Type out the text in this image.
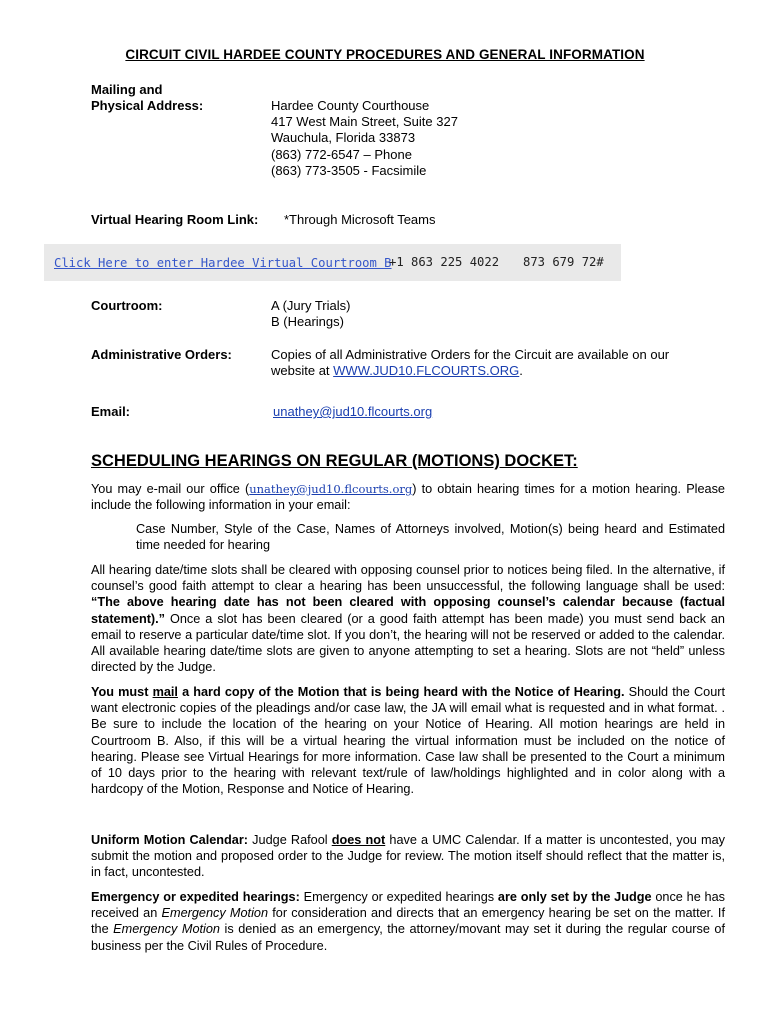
CIRCUIT CIVIL HARDEE COUNTY PROCEDURES AND GENERAL INFORMATION
Mailing and
Physical Address:	Hardee County Courthouse
417 West Main Street, Suite 327
Wauchula, Florida 33873
(863) 772-6547 – Phone
(863) 773-3505 - Facsimile
Virtual Hearing Room Link: *Through Microsoft Teams
Click Here to enter Hardee Virtual Courtroom B
+1 863 225 4022 873 679 72#
Courtroom:	A (Jury Trials)
B (Hearings)
Administrative Orders:	Copies of all Administrative Orders for the Circuit are available on our
website at WWW.JUD10.FLCOURTS.ORG.
Email:	unathey@jud10.flcourts.org
SCHEDULING HEARINGS ON REGULAR (MOTIONS) DOCKET:
You may e-mail our office (unathey@jud10.flcourts.org) to obtain hearing times for a motion hearing. Please include the following information in your email:
Case Number, Style of the Case, Names of Attorneys involved, Motion(s) being heard and Estimated time needed for hearing
All hearing date/time slots shall be cleared with opposing counsel prior to notices being filed. In the alternative, if counsel’s good faith attempt to clear a hearing has been unsuccessful, the following language shall be used: “The above hearing date has not been cleared with opposing counsel’s calendar because (factual statement).” Once a slot has been cleared (or a good faith attempt has been made) you must send back an email to reserve a particular date/time slot. If you don’t, the hearing will not be reserved or added to the calendar. All available hearing date/time slots are given to anyone attempting to set a hearing. Slots are not “held” unless directed by the Judge.
You must mail a hard copy of the Motion that is being heard with the Notice of Hearing. Should the Court want electronic copies of the pleadings and/or case law, the JA will email what is requested and in what format. . Be sure to include the location of the hearing on your Notice of Hearing. All motion hearings are held in Courtroom B. Also, if this will be a virtual hearing the virtual information must be included on the notice of hearing. Please see Virtual Hearings for more information. Case law shall be presented to the Court a minimum of 10 days prior to the hearing with relevant text/rule of law/holdings highlighted and in color along with a hardcopy of the Motion, Response and Notice of Hearing.
Uniform Motion Calendar: Judge Rafool does not have a UMC Calendar. If a matter is uncontested, you may submit the motion and proposed order to the Judge for review. The motion itself should reflect that the matter is, in fact, uncontested.
Emergency or expedited hearings: Emergency or expedited hearings are only set by the Judge once he has received an Emergency Motion for consideration and directs that an emergency hearing be set on the matter. If the Emergency Motion is denied as an emergency, the attorney/movant may set it during the regular course of business per the Civil Rules of Procedure.
